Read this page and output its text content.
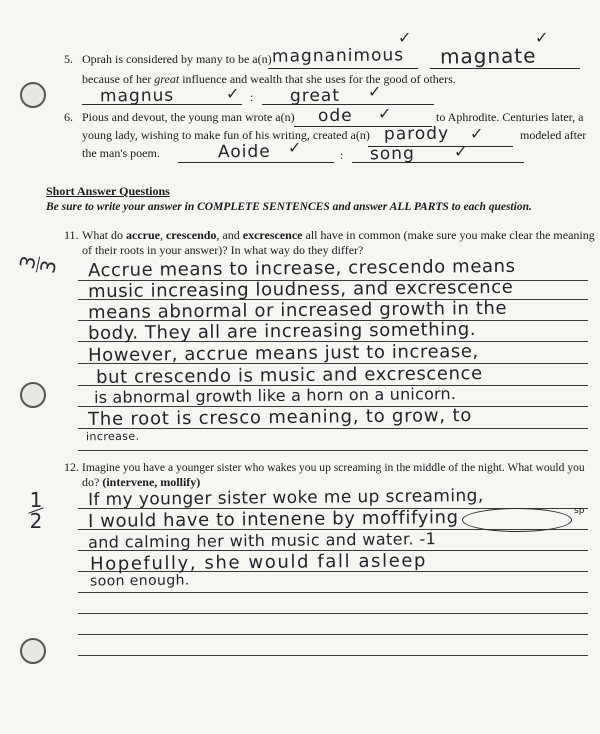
5. Oprah is considered by many to be a(n) magnanimous magnate
✓	✓
because of her great influence and wealth that she uses for the good of others.
magnus	✓ : great ✓
6. Pious and devout, the young man wrote a(n) ode ✓	to Aphrodite. Centuries later, a
young lady, wishing to make fun of his writing, created a(n) parody ✓	modeled after
the man's poem.	Aoide ✓	: song ✓
Short Answer Questions
Be sure to write your answer in COMPLETE SENTENCES and answer ALL PARTS to each question.
11. What do accrue, crescendo, and excrescence all have in common (make sure you make clear the meaning
of their roots in your answer)? In what way do they differ?
3
3 Accrue means to increase, crescendo means
music increasing loudness, and excrescence
means abnormal or increased growth in the
body. They all are increasing something.
However, accrue means just to increase,
but crescendo is music and excrescence
is abnormal growth like a horn on a unicorn.
The root is cresco meaning, to grow, to
increase.
12. Imagine you have a younger sister who wakes you up screaming in the middle of the night. What would you
do? (intervene, mollify)
1
2
If my younger sister woke me up screaming,
I would have to intenene by moffifying	sp
and calming her with music and water. -1
Hopefully, she would fall asleep
soon enough.
